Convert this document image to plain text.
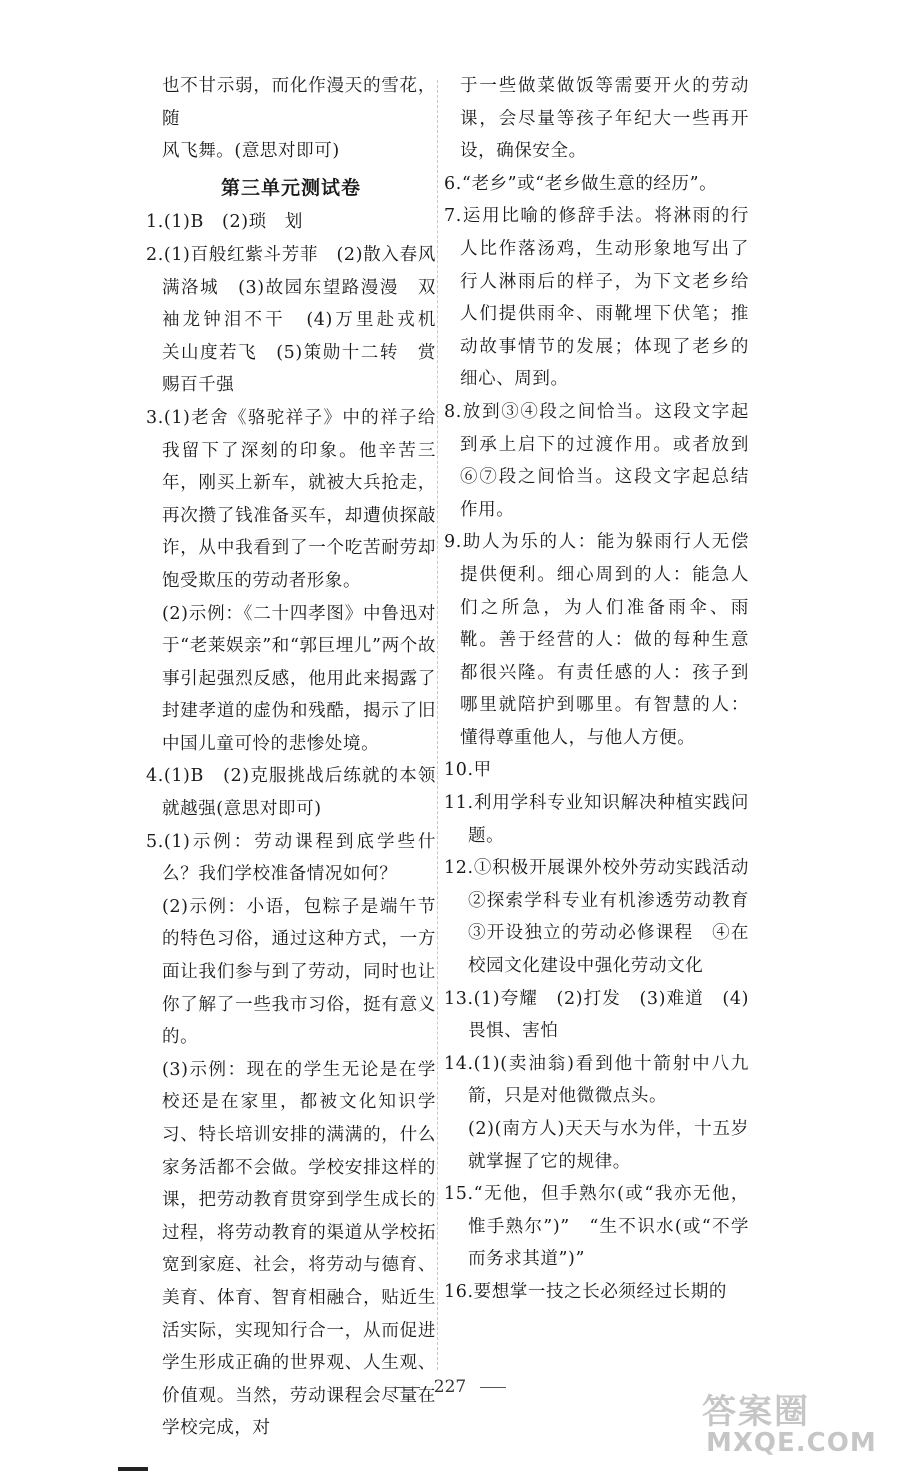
也不甘示弱，而化作漫天的雪花，随

风飞舞。(意思对即可)

第三单元测试卷

1.(1)B　(2)琐　划

2.(1)百般红紫斗芳菲　(2)散入春风满洛城　(3)故园东望路漫漫　双袖龙钟泪不干　(4)万里赴戎机　关山度若飞　(5)策勋十二转　赏赐百千强

3.(1)老舍《骆驼祥子》中的祥子给我留下了深刻的印象。他辛苦三年，刚买上新车，就被大兵抢走，再次攒了钱准备买车，却遭侦探敲诈，从中我看到了一个吃苦耐劳却饱受欺压的劳动者形象。

(2)示例：《二十四孝图》中鲁迅对于“老莱娱亲”和“郭巨埋儿”两个故事引起强烈反感，他用此来揭露了封建孝道的虚伪和残酷，揭示了旧中国儿童可怜的悲惨处境。

4.(1)B　(2)克服挑战后练就的本领就越强(意思对即可)

5.(1)示例：劳动课程到底学些什么？我们学校准备情况如何？

(2)示例：小语，包粽子是端午节的特色习俗，通过这种方式，一方面让我们参与到了劳动，同时也让你了解了一些我市习俗，挺有意义的。

(3)示例：现在的学生无论是在学校还是在家里，都被文化知识学习、特长培训安排的满满的，什么家务活都不会做。学校安排这样的课，把劳动教育贯穿到学生成长的过程，将劳动教育的渠道从学校拓宽到家庭、社会，将劳动与德育、美育、体育、智育相融合，贴近生活实际，实现知行合一，从而促进学生形成正确的世界观、人生观、价值观。当然，劳动课程会尽量在学校完成，对

于一些做菜做饭等需要开火的劳动课，会尽量等孩子年纪大一些再开设，确保安全。

6.“老乡”或“老乡做生意的经历”。

7.运用比喻的修辞手法。将淋雨的行人比作落汤鸡，生动形象地写出了行人淋雨后的样子，为下文老乡给人们提供雨伞、雨靴埋下伏笔；推动故事情节的发展；体现了老乡的细心、周到。

8.放到③④段之间恰当。这段文字起到承上启下的过渡作用。或者放到⑥⑦段之间恰当。这段文字起总结作用。

9.助人为乐的人：能为躲雨行人无偿提供便利。细心周到的人：能急人们之所急，为人们准备雨伞、雨靴。善于经营的人：做的每种生意都很兴隆。有责任感的人：孩子到哪里就陪护到哪里。有智慧的人：懂得尊重他人，与他人方便。

10.甲

11.利用学科专业知识解决种植实践问题。

12.①积极开展课外校外劳动实践活动　②探索学科专业有机渗透劳动教育　③开设独立的劳动必修课程　④在校园文化建设中强化劳动文化

13.(1)夸耀　(2)打发　(3)难道　(4)畏惧、害怕

14.(1)(卖油翁)看到他十箭射中八九箭，只是对他微微点头。

(2)(南方人)天天与水为伴，十五岁就掌握了它的规律。

15.“无他，但手熟尔(或“我亦无他，惟手熟尔”)”　“生不识水(或“不学而务求其道”)”

16.要想掌一技之长必须经过长期的

227
答案圈
MXQE.COM
